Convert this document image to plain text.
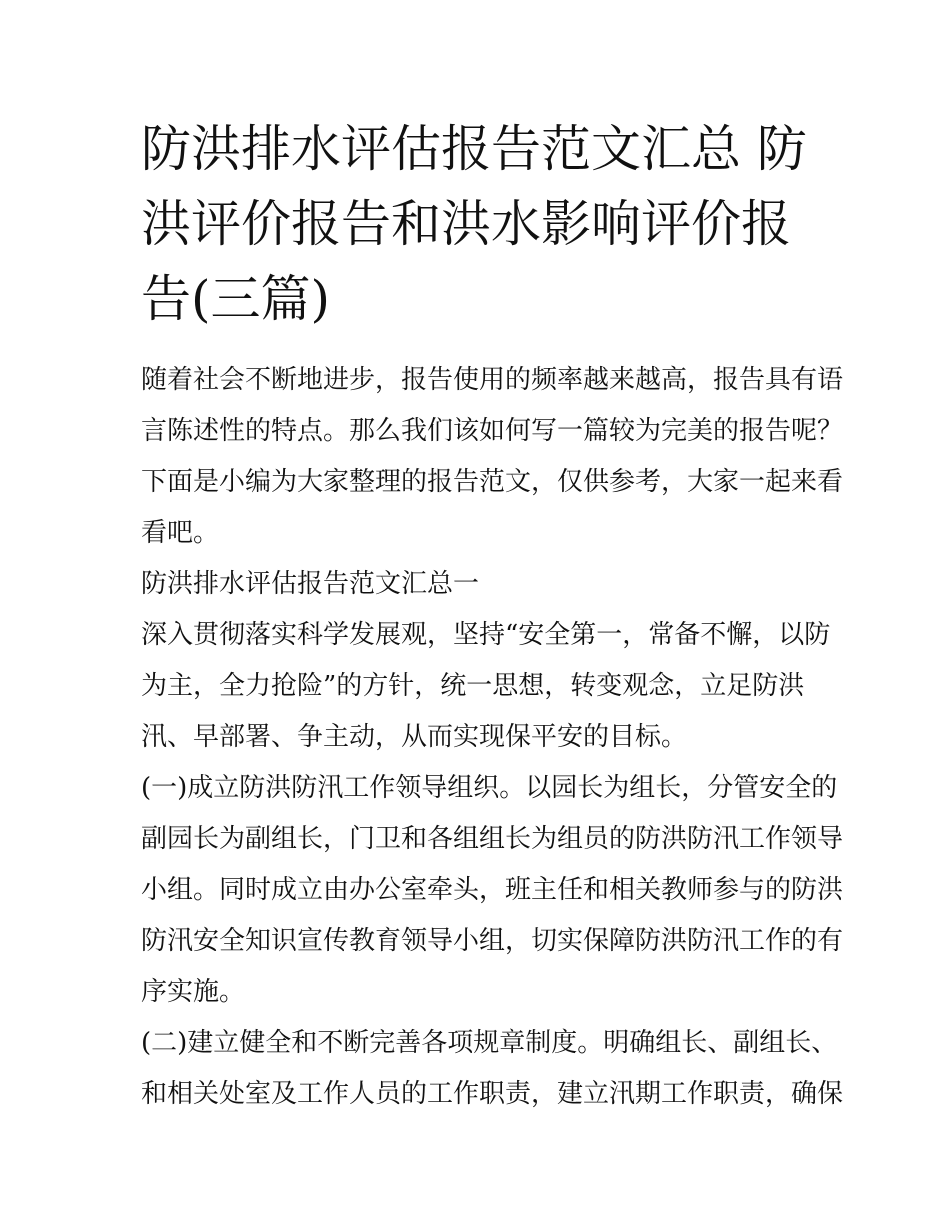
防洪排水评估报告范文汇总 防
洪评价报告和洪水影响评价报
告(三篇)
随着社会不断地进步，报告使用的频率越来越高，报告具有语
言陈述性的特点。那么我们该如何写一篇较为完美的报告呢？
下面是小编为大家整理的报告范文，仅供参考，大家一起来看
看吧。
防洪排水评估报告范文汇总一
深入贯彻落实科学发展观，坚持“安全第一，常备不懈，以防
为主，全力抢险”的方针，统一思想，转变观念，立足防洪
汛、早部署、争主动，从而实现保平安的目标。
(一)成立防洪防汛工作领导组织。以园长为组长，分管安全的
副园长为副组长，门卫和各组组长为组员的防洪防汛工作领导
小组。同时成立由办公室牵头，班主任和相关教师参与的防洪
防汛安全知识宣传教育领导小组，切实保障防洪防汛工作的有
序实施。
(二)建立健全和不断完善各项规章制度。明确组长、副组长、
和相关处室及工作人员的工作职责，建立汛期工作职责，确保
